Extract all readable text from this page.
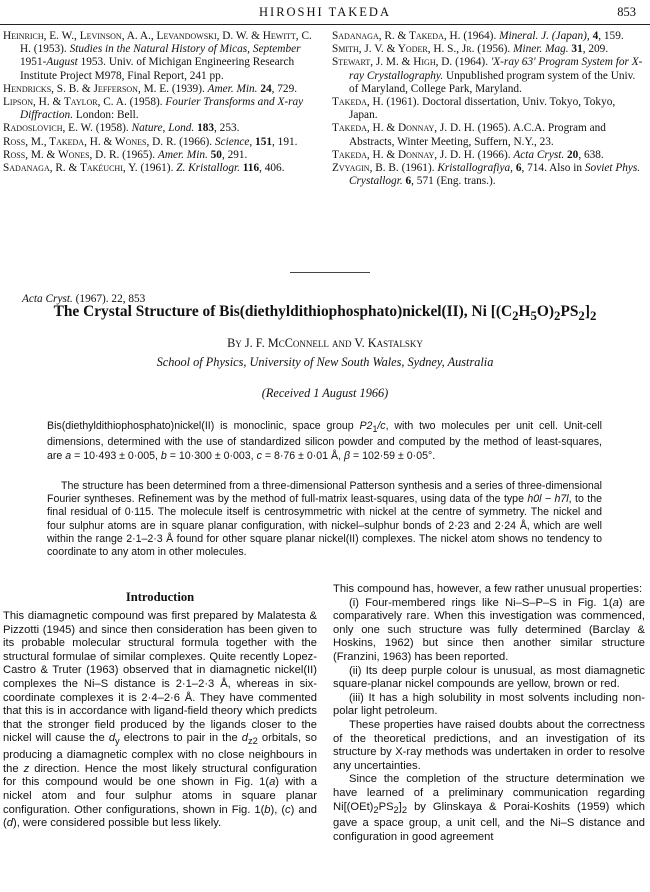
HIROSHI TAKEDA	853

Heinrich, E. W., Levinson, A. A., Levandowski, D. W. & Hewitt, C. H. (1953). Studies in the Natural History of Micas, September 1951-August 1953. Univ. of Michigan Engineering Research Institute Project M978, Final Report, 241 pp.

Hendricks, S. B. & Jefferson, M. E. (1939). Amer. Min. 24, 729.

Lipson, H. & Taylor, C. A. (1958). Fourier Transforms and X-ray Diffraction. London: Bell.

Radoslovich, E. W. (1958). Nature, Lond. 183, 253.

Ross, M., Takeda, H. & Wones, D. R. (1966). Science, 151, 191.

Ross, M. & Wones, D. R. (1965). Amer. Min. 50, 291.

Sadanaga, R. & Takéuchi, Y. (1961). Z. Kristallogr. 116, 406.

Sadanaga, R. & Takeda, H. (1964). Mineral. J. (Japan), 4, 159.

Smith, J. V. & Yoder, H. S., Jr. (1956). Miner. Mag. 31, 209.

Stewart, J. M. & High, D. (1964). 'X-ray 63' Program System for X-ray Crystallography. Unpublished program system of the Univ. of Maryland, College Park, Maryland.

Takeda, H. (1961). Doctoral dissertation, Univ. Tokyo, Tokyo, Japan.

Takeda, H. & Donnay, J. D. H. (1965). A.C.A. Program and Abstracts, Winter Meeting, Suffern, N.Y., 23.

Takeda, H. & Donnay, J. D. H. (1966). Acta Cryst. 20, 638.

Zvyagin, B. B. (1961). Kristallografiya, 6, 714. Also in Soviet Phys. Crystallogr. 6, 571 (Eng. trans.).

Acta Cryst. (1967). 22, 853
The Crystal Structure of Bis(diethyldithiophosphato)nickel(II), Ni $[(C_2H_5O)_2PS_2]_2$
By J. F. McConnell and V. Kastalsky
School of Physics, University of New South Wales, Sydney, Australia
(Received 1 August 1966)

Bis(diethyldithiophosphato)nickel(II) is monoclinic, space group $P2_1/c$, with two molecules per unit cell. Unit-cell dimensions, determined with the use of standardized silicon powder and computed by the method of least-squares, are a = 10·493 ± 0·005, b = 10·300 ± 0·003, c = 8·76 ± 0·01 Å, β = 102·59 ± 0·05°.

The structure has been determined from a three-dimensional Patterson synthesis and a series of three-dimensional Fourier syntheses. Refinement was by the method of full-matrix least-squares, using data of the type h0l − h7l, to the final residual of 0·115. The molecule itself is centrosymmetric with nickel at the centre of symmetry. The nickel and four sulphur atoms are in square planar configuration, with nickel–sulphur bonds of 2·23 and 2·24 Å, which are well within the range 2·1–2·3 Å found for other square planar nickel(II) complexes. The nickel atom shows no tendency to coordinate to any atom in other molecules.

Introduction

This diamagnetic compound was first prepared by Malatesta & Pizzotti (1945) and since then consideration has been given to its probable molecular structural formula together with the structural formulae of similar complexes. Quite recently Lopez-Castro & Truter (1963) observed that in diamagnetic nickel(II) complexes the Ni–S distance is 2·1–2·3 Å, whereas in six-coordinate complexes it is 2·4–2·6 Å. They have commented that this is in accordance with ligand-field theory which predicts that the stronger field produced by the ligands closer to the nickel will cause the $d_y$ electrons to pair in the $d_{z2}$ orbitals, so producing a diamagnetic complex with no close neighbours in the z direction. Hence the most likely structural configuration for this compound would be one shown in Fig. 1(a) with a nickel atom and four sulphur atoms in square planar configuration. Other configurations, shown in Fig. 1(b), (c) and (d), were considered possible but less likely.

This compound has, however, a few rather unusual properties:

(i) Four-membered rings like Ni–S–P–S in Fig. 1(a) are comparatively rare. When this investigation was commenced, only one such structure was fully determined (Barclay & Hoskins, 1962) but since then another similar structure (Franzini, 1963) has been reported.

(ii) Its deep purple colour is unusual, as most diamagnetic square-planar nickel compounds are yellow, brown or red.

(iii) It has a high solubility in most solvents including non-polar light petroleum.

These properties have raised doubts about the correctness of the theoretical predictions, and an investigation of its structure by X-ray methods was undertaken in order to resolve any uncertainties.

Since the completion of the structure determination we have learned of a preliminary communication regarding $Ni[(OEt)_2PS_2]_2$ by Glinskaya & Porai-Koshits (1959) which gave a space group, a unit cell, and the Ni–S distance and configuration in good agreement
